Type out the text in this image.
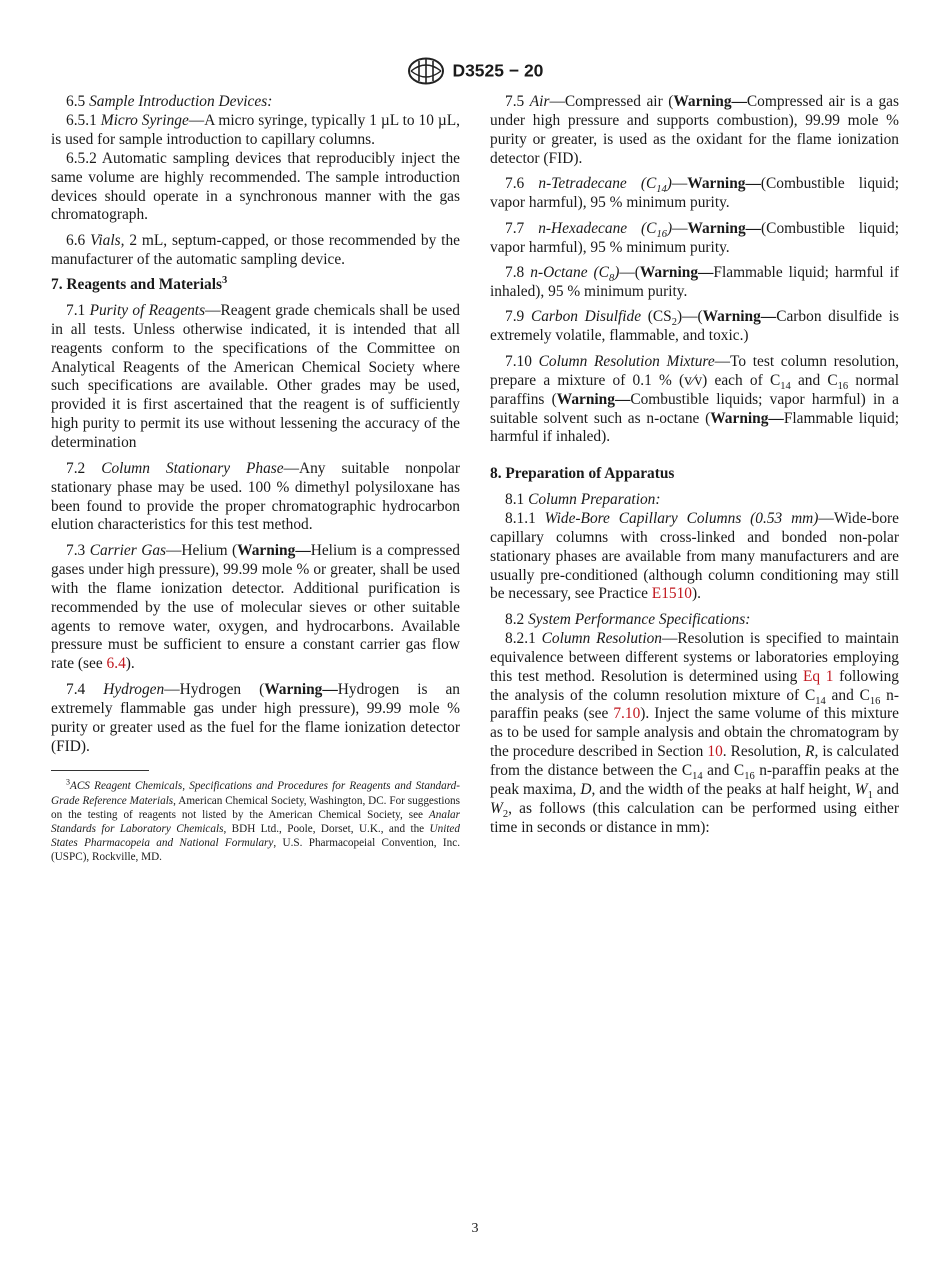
D3525 − 20

6.5 Sample Introduction Devices:

6.5.1 Micro Syringe—A micro syringe, typically 1 µL to 10 µL, is used for sample introduction to capillary columns.

6.5.2 Automatic sampling devices that reproducibly inject the same volume are highly recommended. The sample introduction devices should operate in a synchronous manner with the gas chromatograph.

6.6 Vials, 2 mL, septum-capped, or those recommended by the manufacturer of the automatic sampling device.

7. Reagents and Materials$^3$

7.1 Purity of Reagents—Reagent grade chemicals shall be used in all tests. Unless otherwise indicated, it is intended that all reagents conform to the specifications of the Committee on Analytical Reagents of the American Chemical Society where such specifications are available. Other grades may be used, provided it is first ascertained that the reagent is of sufficiently high purity to permit its use without lessening the accuracy of the determination

7.2 Column Stationary Phase—Any suitable nonpolar stationary phase may be used. 100 % dimethyl polysiloxane has been found to provide the proper chromatographic hydrocarbon elution characteristics for this test method.

7.3 Carrier Gas—Helium (Warning—Helium is a compressed gases under high pressure), 99.99 mole % or greater, shall be used with the flame ionization detector. Additional purification is recommended by the use of molecular sieves or other suitable agents to remove water, oxygen, and hydrocarbons. Available pressure must be sufficient to ensure a constant carrier gas flow rate (see 6.4).

7.4 Hydrogen—Hydrogen (Warning—Hydrogen is an extremely flammable gas under high pressure), 99.99 mole % purity or greater used as the fuel for the flame ionization detector (FID).

$^3$ACS Reagent Chemicals, Specifications and Procedures for Reagents and Standard-Grade Reference Materials, American Chemical Society, Washington, DC. For suggestions on the testing of reagents not listed by the American Chemical Society, see Analar Standards for Laboratory Chemicals, BDH Ltd., Poole, Dorset, U.K., and the United States Pharmacopeia and National Formulary, U.S. Pharmacopeial Convention, Inc. (USPC), Rockville, MD.

7.5 Air—Compressed air (Warning—Compressed air is a gas under high pressure and supports combustion), 99.99 mole % purity or greater, is used as the oxidant for the flame ionization detector (FID).

7.6 n-Tetradecane $(C_{14})—Warning—(Combustible$ liquid; vapor harmful), 95 % minimum purity.

7.7 n-Hexadecane $(C_{16})—Warning—(Combustible$ liquid; vapor harmful), 95 % minimum purity.

7.8 n-Octane $(C_8)—(Warning—Flammable$ liquid; harmful if inhaled), 95 % minimum purity.

7.9 Carbon Disulfide $(CS_2)—(Warning—Carbon$ disulfide is extremely volatile, flammable, and toxic.)

7.10 Column Resolution Mixture—To test column resolution, prepare a mixture of 0.1 % (v⁄v) each of $C_{14}$ and $C_{16}$ normal paraffins (Warning—Combustible liquids; vapor harmful) in a suitable solvent such as n-octane (Warning—Flammable liquid; harmful if inhaled).

8. Preparation of Apparatus

8.1 Column Preparation:

8.1.1 Wide-Bore Capillary Columns (0.53 mm)—Wide-bore capillary columns with cross-linked and bonded non-polar stationary phases are available from many manufacturers and are usually pre-conditioned (although column conditioning may still be necessary, see Practice E1510).

8.2 System Performance Specifications:

8.2.1 Column Resolution—Resolution is specified to maintain equivalence between different systems or laboratories employing this test method. Resolution is determined using Eq 1 following the analysis of the column resolution mixture of $C_{14}$ and $C_{16}$ n-paraffin peaks (see 7.10). Inject the same volume of this mixture as to be used for sample analysis and obtain the chromatogram by the procedure described in Section 10. Resolution, R, is calculated from the distance between the $C_{14}$ and $C_{16}$ n-paraffin peaks at the peak maxima, D, and the width of the peaks at half height, $W_1$ and $W_2$, as follows (this calculation can be performed using either time in seconds or distance in mm):

3
